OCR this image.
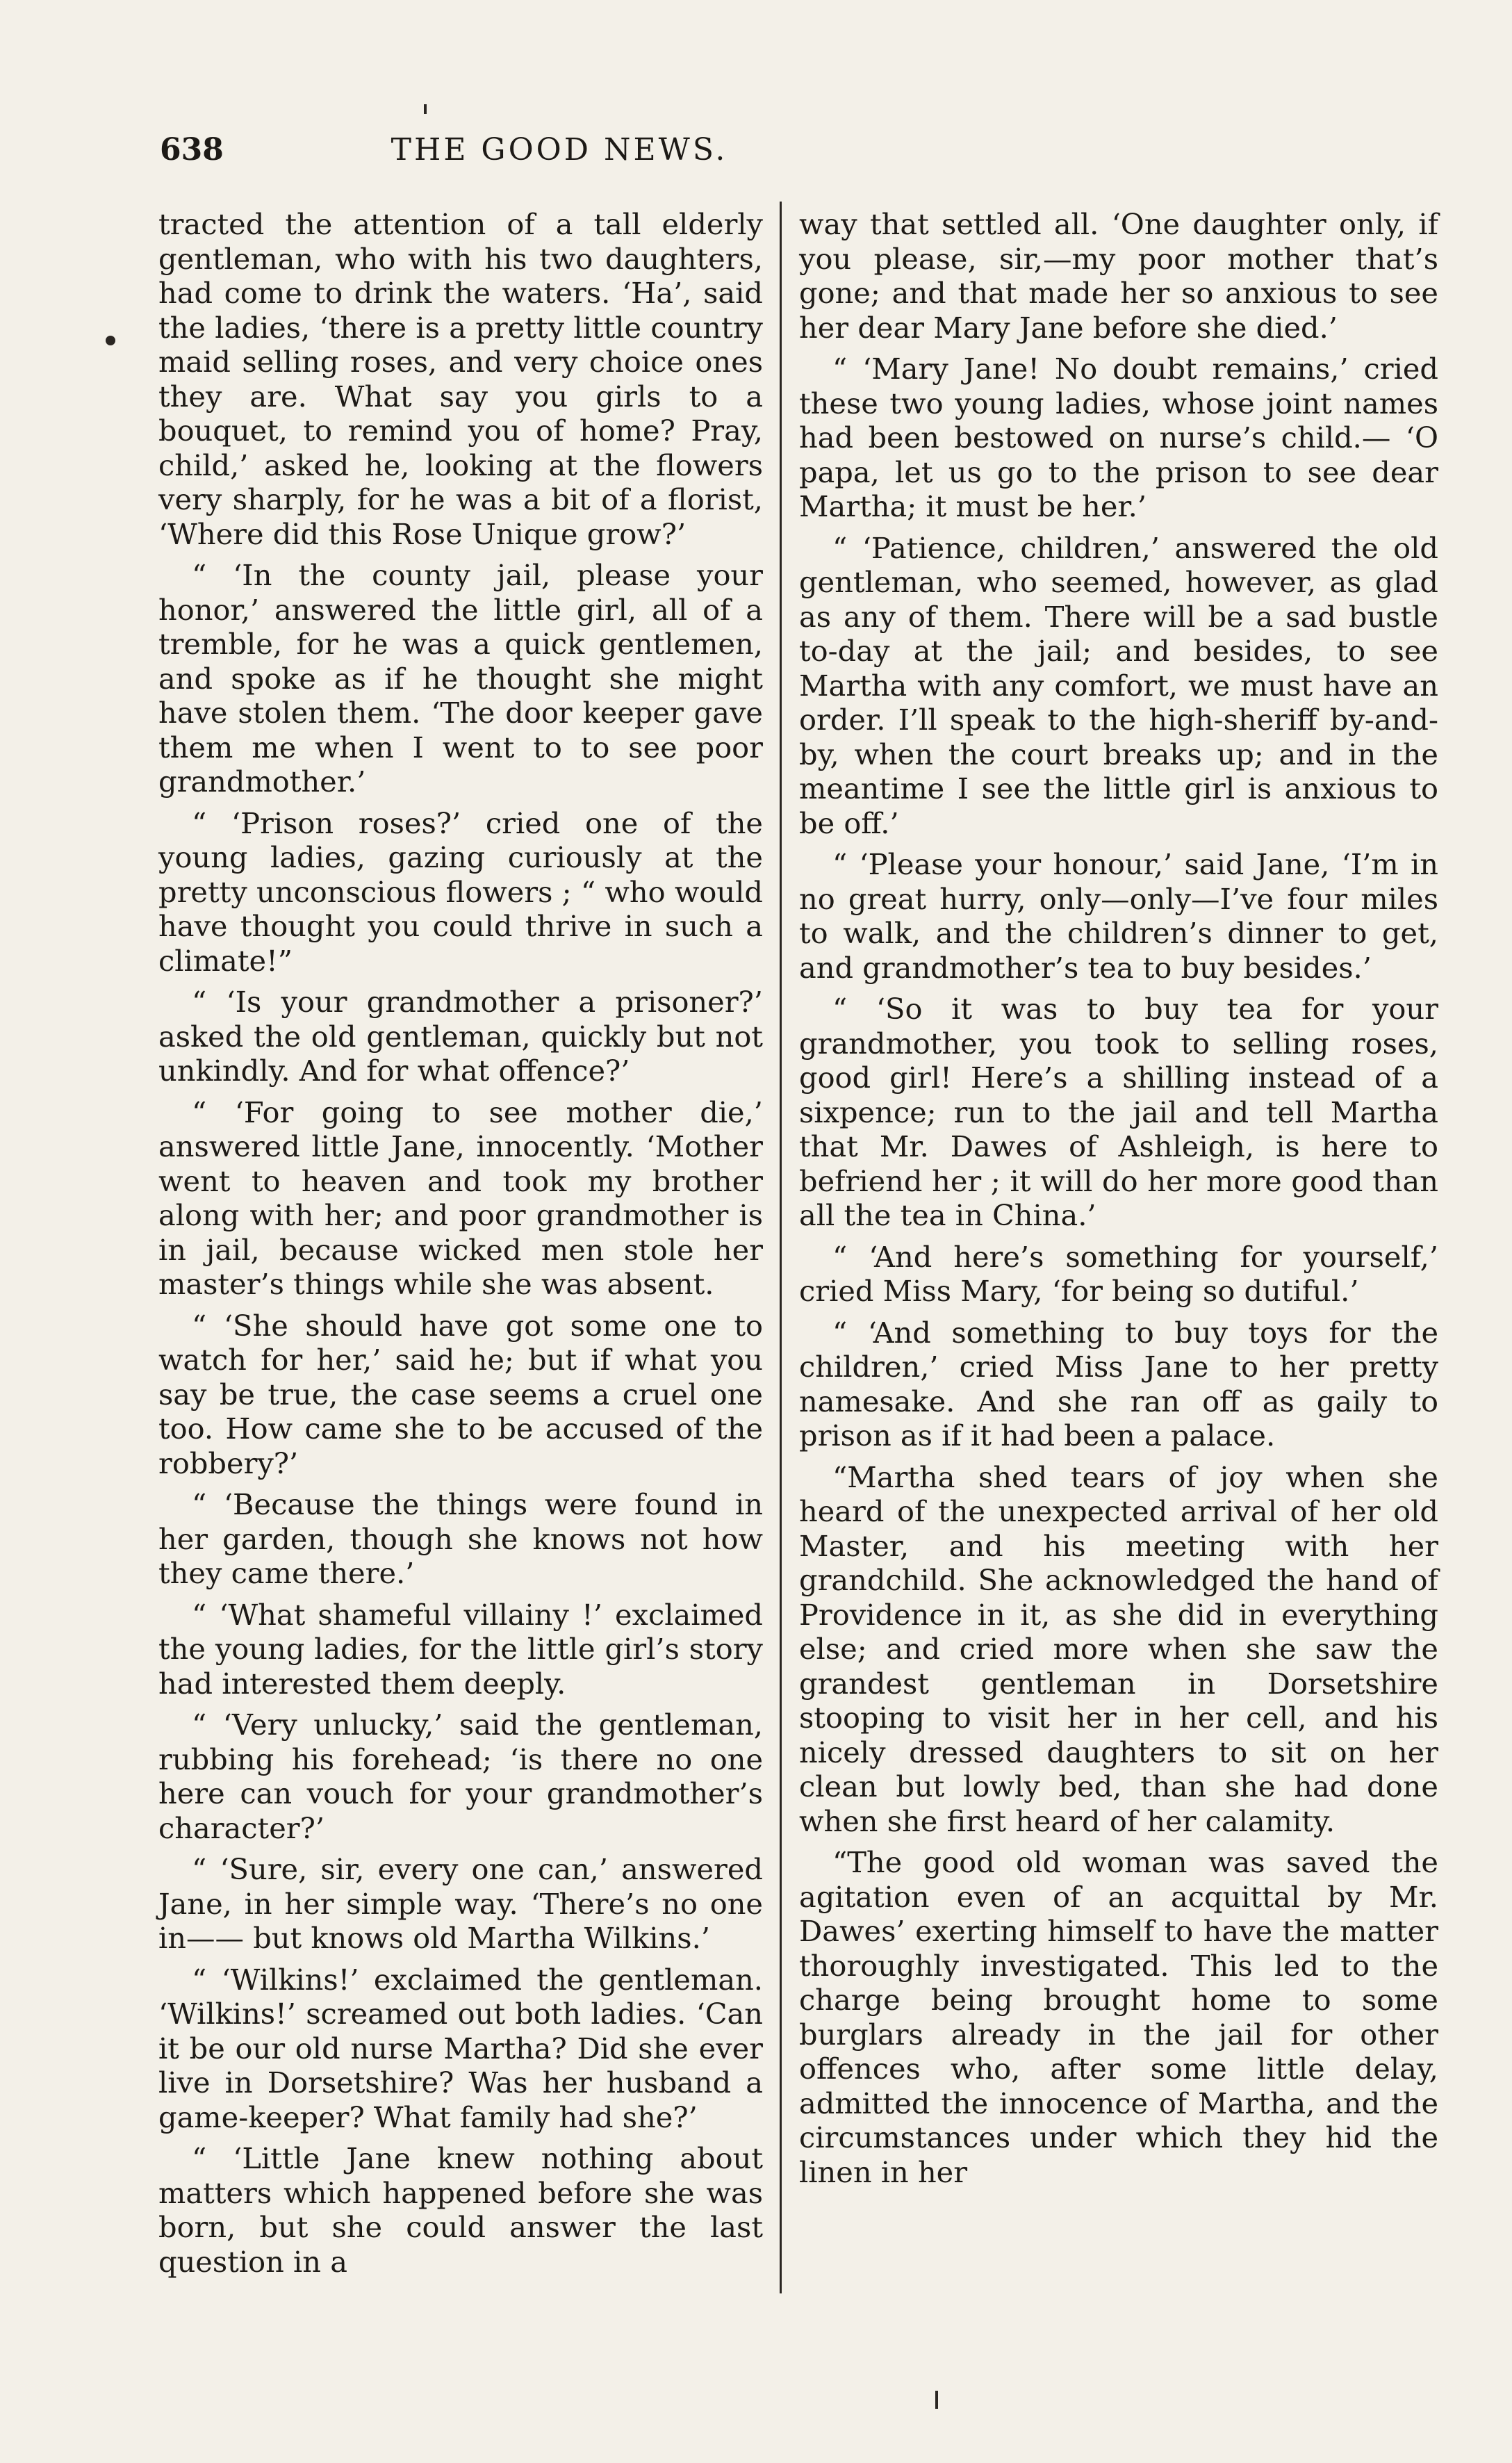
638	THE GOOD NEWS.

tracted the attention of a tall elderly gentleman, who with his two daughters, had come to drink the waters. ‘Ha’, said the ladies, ‘there is a pretty little country maid selling roses, and very choice ones they are. What say you girls to a bouquet, to remind you of home? Pray, child,’ asked he, looking at the flowers very sharply, for he was a bit of a florist, ‘Where did this Rose Unique grow?’

“ ‘In the county jail, please your honor,’ answered the little girl, all of a tremble, for he was a quick gentlemen, and spoke as if he thought she might have stolen them. ‘The door keeper gave them me when I went to to see poor grandmother.’

“ ‘Prison roses?’ cried one of the young ladies, gazing curiously at the pretty unconscious flowers ; “ who would have thought you could thrive in such a climate!”

“ ‘Is your grandmother a prisoner?’ asked the old gentleman, quickly but not unkindly. And for what offence?’

“ ‘For going to see mother die,’ answered little Jane, innocently. ‘Mother went to heaven and took my brother along with her; and poor grandmother is in jail, because wicked men stole her master’s things while she was absent.

“ ‘She should have got some one to watch for her,’ said he; but if what you say be true, the case seems a cruel one too. How came she to be accused of the robbery?’

“ ‘Because the things were found in her garden, though she knows not how they came there.’

“ ‘What shameful villainy !’ exclaimed the young ladies, for the little girl’s story had interested them deeply.

“ ‘Very unlucky,’ said the gentleman, rubbing his forehead; ‘is there no one here can vouch for your grandmother’s character?’

“ ‘Sure, sir, every one can,’ answered Jane, in her simple way. ‘There’s no one in—— but knows old Martha Wilkins.’

“ ‘Wilkins!’ exclaimed the gentleman. ‘Wilkins!’ screamed out both ladies. ‘Can it be our old nurse Martha? Did she ever live in Dorsetshire? Was her husband a game-keeper? What family had she?’

“ ‘Little Jane knew nothing about matters which happened before she was born, but she could answer the last question in a

way that settled all. ‘One daughter only, if you please, sir,—my poor mother that’s gone; and that made her so anxious to see her dear Mary Jane before she died.’

“ ‘Mary Jane! No doubt remains,’ cried these two young ladies, whose joint names had been bestowed on nurse’s child.— ‘O papa, let us go to the prison to see dear Martha; it must be her.’

“ ‘Patience, children,’ answered the old gentleman, who seemed, however, as glad as any of them. There will be a sad bustle to-day at the jail; and besides, to see Martha with any comfort, we must have an order. I’ll speak to the high-sheriff by-and-by, when the court breaks up; and in the meantime I see the little girl is anxious to be off.’

“ ‘Please your honour,’ said Jane, ‘I’m in no great hurry, only—only—I’ve four miles to walk, and the children’s dinner to get, and grandmother’s tea to buy besides.’

“ ‘So it was to buy tea for your grandmother, you took to selling roses, good girl! Here’s a shilling instead of a sixpence; run to the jail and tell Martha that Mr. Dawes of Ashleigh, is here to befriend her ; it will do her more good than all the tea in China.’

“ ‘And here’s something for yourself,’ cried Miss Mary, ‘for being so dutiful.’

“ ‘And something to buy toys for the children,’ cried Miss Jane to her pretty namesake. And she ran off as gaily to prison as if it had been a palace.

“Martha shed tears of joy when she heard of the unexpected arrival of her old Master, and his meeting with her grandchild. She acknowledged the hand of Providence in it, as she did in everything else; and cried more when she saw the grandest gentleman in Dorsetshire stooping to visit her in her cell, and his nicely dressed daughters to sit on her clean but lowly bed, than she had done when she first heard of her calamity.

“The good old woman was saved the agitation even of an acquittal by Mr. Dawes’ exerting himself to have the matter thoroughly investigated. This led to the charge being brought home to some burglars already in the jail for other offences who, after some little delay, admitted the innocence of Martha, and the circumstances under which they hid the linen in her
